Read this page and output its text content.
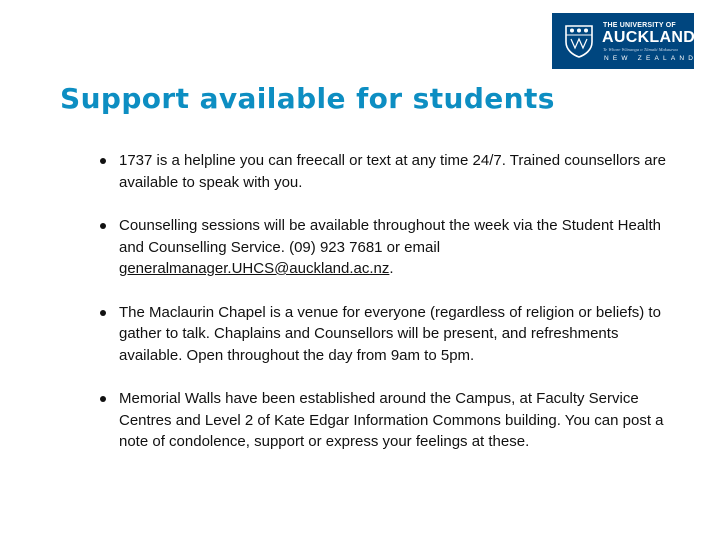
THE UNIVERSITY OF
AUCKLAND
Te Whare Wānanga o Tāmaki Makaurau
NEW ZEALAND
Support available for students
1737 is a helpline you can freecall or text at any time 24/7. Trained counsellors are available to speak with you.
Counselling sessions will be available throughout the week via the Student Health and Counselling Service. (09) 923 7681 or email generalmanager.UHCS@auckland.ac.nz.
The Maclaurin Chapel is a venue for everyone (regardless of religion or beliefs) to gather to talk. Chaplains and Counsellors will be present, and refreshments available. Open throughout the day from 9am to 5pm.
Memorial Walls have been established around the Campus, at Faculty Service Centres and Level 2 of Kate Edgar Information Commons building. You can post a note of condolence, support or express your feelings at these.
